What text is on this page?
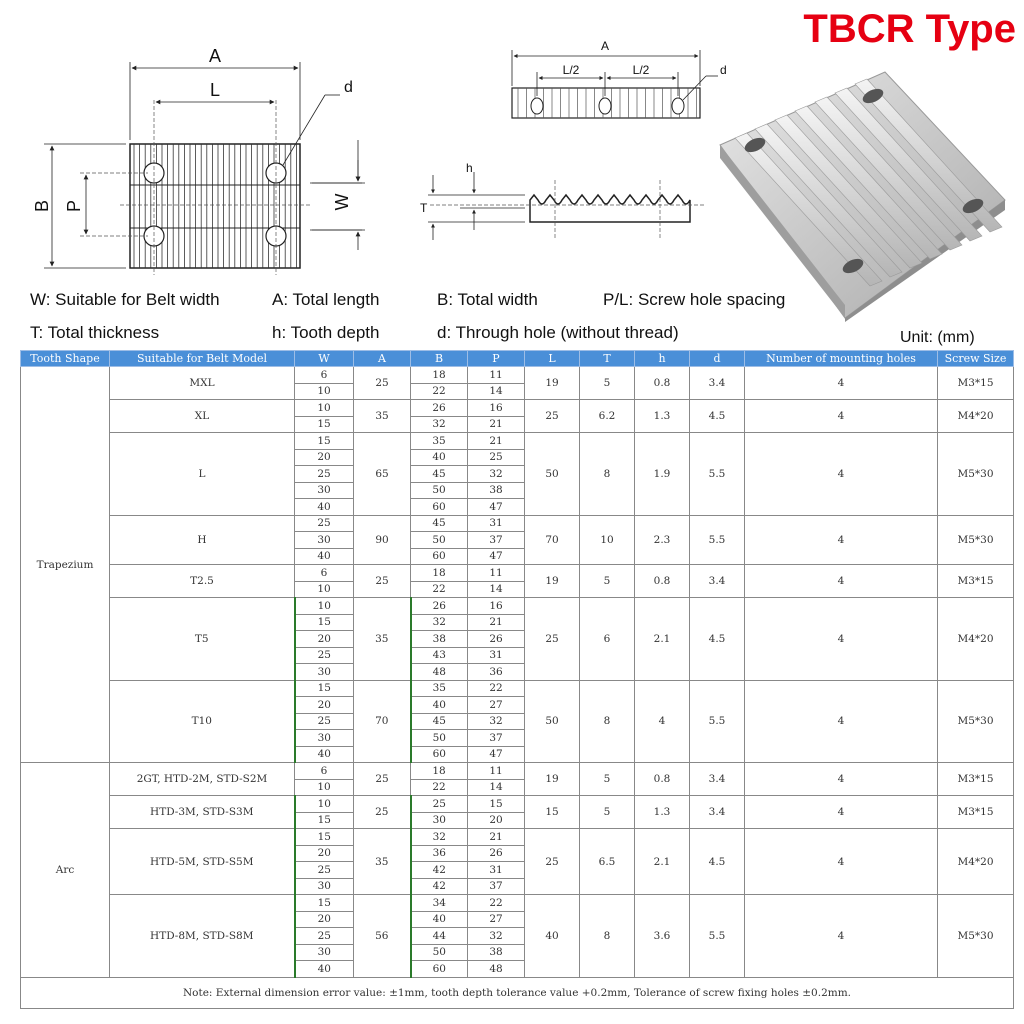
TBCR Type
A
L	d
B P	W
A
L/2	L/2	d
h
T
W: Suitable for Belt width	A: Total length	B: Total width	P/L: Screw hole spacing
T: Total thickness	h: Tooth depth	d: Through hole (without thread)	Unit: (mm)
Tooth Shape	Suitable for Belt Model	W	A	B	P	L	T	h	d	Number of mounting holes	Screw Size
Trapezium	MXL	6	25	18	11	19	5	0.8	3.4	4	M3*15
		10		22	14						
	XL	10	35	26	16	25	6.2	1.3	4.5	4	M4*20
		15		32	21						
	L	15	65	35	21	50	8	1.9	5.5	4	M5*30
		20		40	25						
		25		45	32						
		30		50	38						
		40		60	47						
	H	25	90	45	31	70	10	2.3	5.5	4	M5*30
		30		50	37						
		40		60	47						
	T2.5	6	25	18	11	19	5	0.8	3.4	4	M3*15
		10		22	14						
	T5	10	35	26	16	25	6	2.1	4.5	4	M4*20
		15		32	21						
		20		38	26						
		25		43	31						
		30		48	36						
	T10	15	70	35	22	50	8	4	5.5	4	M5*30
		20		40	27						
		25		45	32						
		30		50	37						
		40		60	47						
Arc	2GT, HTD-2M, STD-S2M	6	25	18	11	19	5	0.8	3.4	4	M3*15
		10		22	14						
	HTD-3M, STD-S3M	10	25	25	15	15	5	1.3	3.4	4	M3*15
		15		30	20						
	HTD-5M, STD-S5M	15	35	32	21	25	6.5	2.1	4.5	4	M4*20
		20		36	26						
		25		42	31						
		30		42	37						
	HTD-8M, STD-S8M	15	56	34	22	40	8	3.6	5.5	4	M5*30
		20		40	27						
		25		44	32						
		30		50	38						
		40		60	48						
Note: External dimension error value: ±1mm, tooth depth tolerance value +0.2mm, Tolerance of screw fixing holes ±0.2mm.											
